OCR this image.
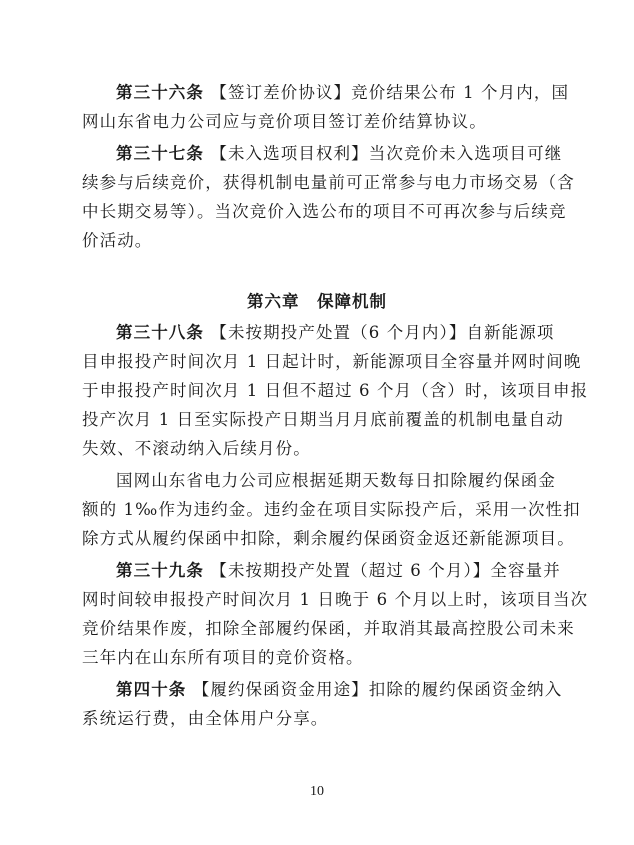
第三十六条 【签订差价协议】竞价结果公布 1 个月内，国
网山东省电力公司应与竞价项目签订差价结算协议。
第三十七条 【未入选项目权利】当次竞价未入选项目可继
续参与后续竞价，获得机制电量前可正常参与电力市场交易（含
中长期交易等）。当次竞价入选公布的项目不可再次参与后续竞
价活动。
第六章　保障机制
第三十八条 【未按期投产处置（6 个月内）】自新能源项
目申报投产时间次月 1 日起计时，新能源项目全容量并网时间晚
于申报投产时间次月 1 日但不超过 6 个月（含）时，该项目申报
投产次月 1 日至实际投产日期当月月底前覆盖的机制电量自动
失效、不滚动纳入后续月份。
国网山东省电力公司应根据延期天数每日扣除履约保函金
额的 1‰作为违约金。违约金在项目实际投产后，采用一次性扣
除方式从履约保函中扣除，剩余履约保函资金返还新能源项目。
第三十九条 【未按期投产处置（超过 6 个月）】全容量并
网时间较申报投产时间次月 1 日晚于 6 个月以上时，该项目当次
竞价结果作废，扣除全部履约保函，并取消其最高控股公司未来
三年内在山东所有项目的竞价资格。
第四十条 【履约保函资金用途】扣除的履约保函资金纳入
系统运行费，由全体用户分享。
10
